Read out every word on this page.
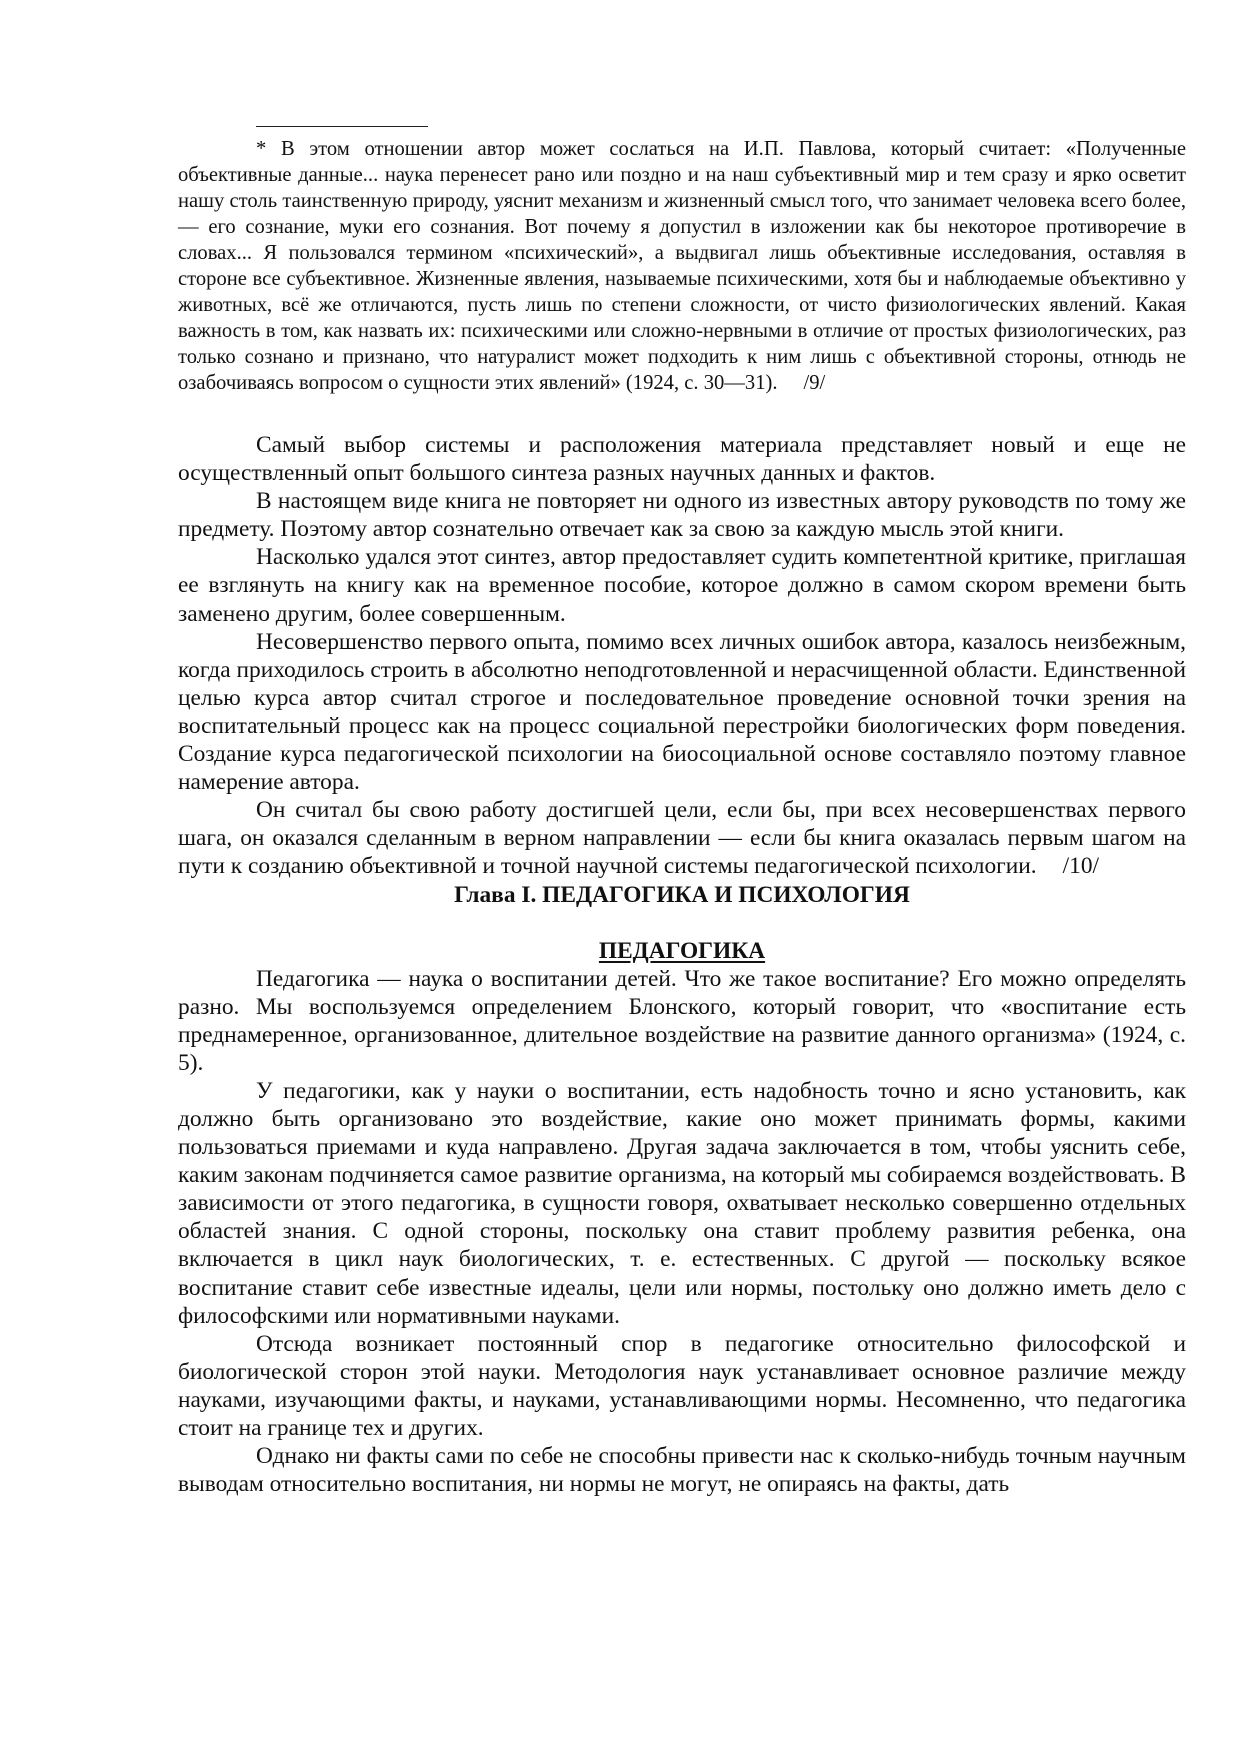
* В этом отношении автор может сослаться на И.П. Павлова, который считает: «Полученные объективные данные... наука перенесет рано или поздно и на наш субъективный мир и тем сразу и ярко осветит нашу столь таинственную природу, уяснит механизм и жизненный смысл того, что занимает человека всего более, — его сознание, муки его сознания. Вот почему я допустил в изложении как бы некоторое противоречие в словах... Я пользовался термином «психический», а выдвигал лишь объективные исследования, оставляя в стороне все субъективное. Жизненные явления, называемые психическими, хотя бы и наблюдаемые объективно у животных, всё же отличаются, пусть лишь по степени сложности, от чисто физиологических явлений. Какая важность в том, как назвать их: психическими или сложно-нервными в отличие от простых физиологических, раз только сознано и признано, что натуралист может подходить к ним лишь с объективной стороны, отнюдь не озабочиваясь вопросом о сущности этих явлений» (1924, с. 30—31). /9/

Самый выбор системы и расположения материала представляет новый и еще не осуществленный опыт большого синтеза разных научных данных и фактов.

В настоящем виде книга не повторяет ни одного из известных автору руководств по тому же предмету. Поэтому автор сознательно отвечает как за свою за каждую мысль этой книги.

Насколько удался этот синтез, автор предоставляет судить компетентной критике, приглашая ее взглянуть на книгу как на временное пособие, которое должно в самом скором времени быть заменено другим, более совершенным.

Несовершенство первого опыта, помимо всех личных ошибок автора, казалось неизбежным, когда приходилось строить в абсолютно неподготовленной и нерасчищенной области. Единственной целью курса автор считал строгое и последовательное проведение основной точки зрения на воспитательный процесс как на процесс социальной перестройки биологических форм поведения. Создание курса педагогической психологии на биосоциальной основе составляло поэтому главное намерение автора.

Он считал бы свою работу достигшей цели, если бы, при всех несовершенствах первого шага, он оказался сделанным в верном направлении — если бы книга оказалась первым шагом на пути к созданию объективной и точной научной системы педагогической психологии. /10/

Глава I. ПЕДАГОГИКА И ПСИХОЛОГИЯ
ПЕДАГОГИКА

Педагогика — наука о воспитании детей. Что же такое воспитание? Его можно определять разно. Мы воспользуемся определением Блонского, который говорит, что «воспитание есть преднамеренное, организованное, длительное воздействие на развитие данного организма» (1924, с. 5).

У педагогики, как у науки о воспитании, есть надобность точно и ясно установить, как должно быть организовано это воздействие, какие оно может принимать формы, какими пользоваться приемами и куда направлено. Другая задача заключается в том, чтобы уяснить себе, каким законам подчиняется самое развитие организма, на который мы собираемся воздействовать. В зависимости от этого педагогика, в сущности говоря, охватывает несколько совершенно отдельных областей знания. С одной стороны, поскольку она ставит проблему развития ребенка, она включается в цикл наук биологических, т. е. естественных. С другой — поскольку всякое воспитание ставит себе известные идеалы, цели или нормы, постольку оно должно иметь дело с философскими или нормативными науками.

Отсюда возникает постоянный спор в педагогике относительно философской и биологической сторон этой науки. Методология наук устанавливает основное различие между науками, изучающими факты, и науками, устанавливающими нормы. Несомненно, что педагогика стоит на границе тех и других.

Однако ни факты сами по себе не способны привести нас к сколько-нибудь точным научным выводам относительно воспитания, ни нормы не могут, не опираясь на факты, дать
